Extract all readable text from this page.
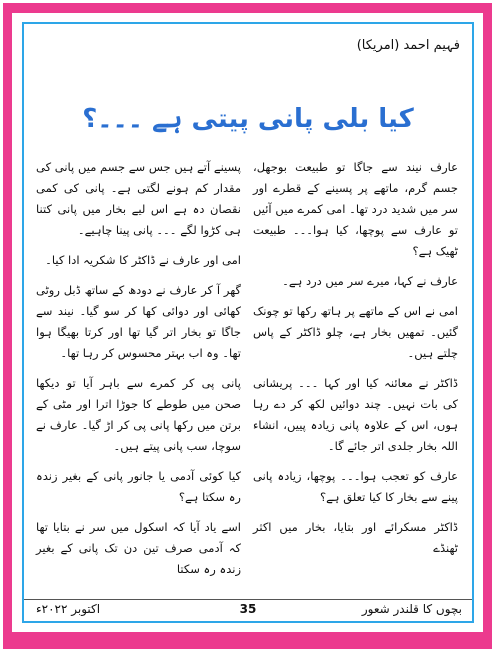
فہیم احمد (امریکا)
کیا بلی پانی پیتی ہے ۔۔۔؟

عارف نیند سے جاگا تو طبیعت بوجھل، جسم گرم، ماتھے پر پسینے کے قطرے اور سر میں شدید درد تھا۔ امی کمرے میں آئیں تو عارف سے پوچھا، کیا ہوا۔۔۔ طبیعت ٹھیک ہے؟

عارف نے کہا، میرے سر میں درد ہے۔

امی نے اس کے ماتھے پر ہاتھ رکھا تو چونک گئیں۔ تمھیں بخار ہے، چلو ڈاکٹر کے پاس چلتے ہیں۔

ڈاکٹر نے معائنہ کیا اور کہا ۔۔۔ پریشانی کی بات نہیں۔ چند دوائیں لکھ کر دے رہا ہوں، اس کے علاوہ پانی زیادہ پییں، انشاء اللہ بخار جلدی اتر جائے گا۔

عارف کو تعجب ہوا۔۔۔ پوچھا، زیادہ پانی پینے سے بخار کا کیا تعلق ہے؟

ڈاکٹر مسکرائے اور بتایا، بخار میں اکثر ٹھنڈے

پسینے آتے ہیں جس سے جسم میں پانی کی مقدار کم ہونے لگتی ہے۔ پانی کی کمی نقصان دہ ہے اس لیے بخار میں پانی کتنا ہی کڑوا لگے ۔۔۔ پانی پینا چاہیے۔

امی اور عارف نے ڈاکٹر کا شکریہ ادا کیا۔

گھر آ کر عارف نے دودھ کے ساتھ ڈبل روٹی کھائی اور دوائی کھا کر سو گیا۔ نیند سے جاگا تو بخار اتر گیا تھا اور کرتا بھیگا ہوا تھا۔ وہ اب بہتر محسوس کر رہا تھا۔

پانی پی کر کمرے سے باہر آیا تو دیکھا صحن میں طوطے کا جوڑا اترا اور مٹی کے برتن میں رکھا پانی پی کر اڑ گیا۔ عارف نے سوچا، سب پانی پیتے ہیں۔

کیا کوئی آدمی یا جانور پانی کے بغیر زندہ رہ سکتا ہے؟

اسے یاد آیا کہ اسکول میں سر نے بتایا تھا کہ آدمی صرف تین دن تک پانی کے بغیر زندہ رہ سکتا

بچوں کا قلندر شعور
35
اکتوبر ۲۰۲۲ء
